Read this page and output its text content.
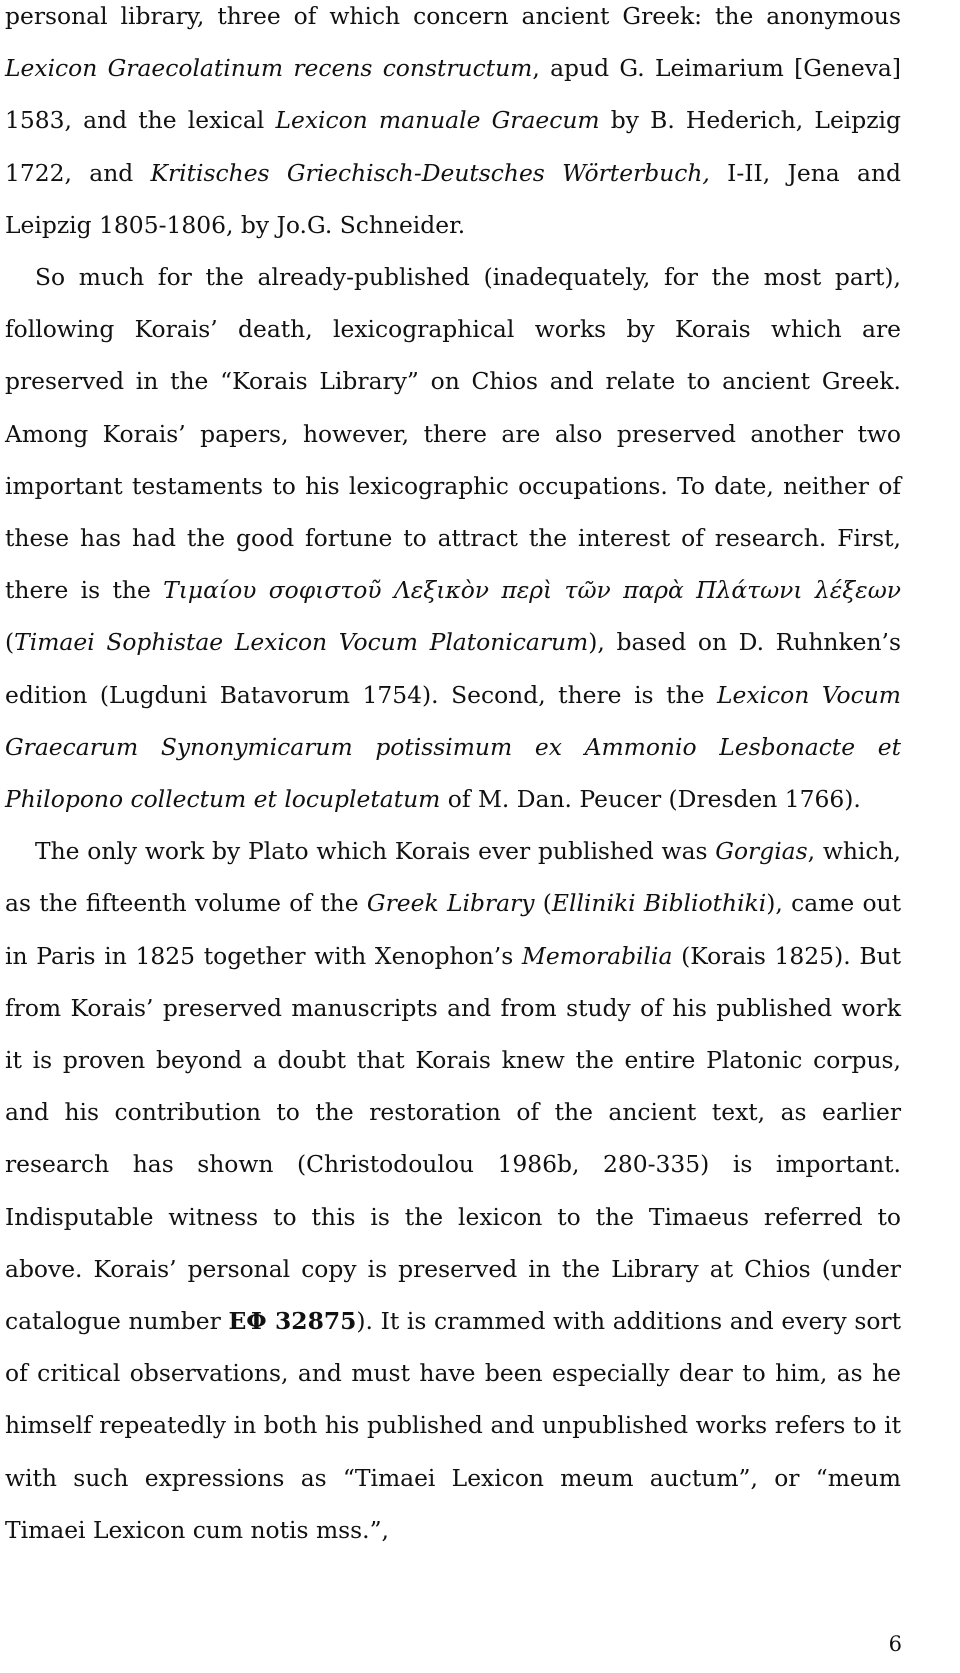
personal library, three of which concern ancient Greek: the anonymous Lexicon Graecolatinum recens constructum, apud G. Leimarium [Geneva] 1583, and the lexical Lexicon manuale Graecum by B. Hederich, Leipzig 1722, and Kritisches Griechisch-Deutsches Wörterbuch, I-II, Jena and Leipzig 1805-1806, by Jo.G. Schneider.

So much for the already-published (inadequately, for the most part), following Korais’ death, lexicographical works by Korais which are preserved in the “Korais Library” on Chios and relate to ancient Greek. Among Korais’ papers, however, there are also preserved another two important testaments to his lexicographic occupations. To date, neither of these has had the good fortune to attract the interest of research. First, there is the Τιμαίου σοφιστοῦ Λεξικὸν περὶ τῶν παρὰ Πλάτωνι λέξεων (Timaei Sophistae Lexicon Vocum Platonicarum), based on D. Ruhnken’s edition (Lugduni Batavorum 1754). Second, there is the Lexicon Vocum Graecarum Synonymicarum potissimum ex Ammonio Lesbonacte et Philopono collectum et locupletatum of M. Dan. Peucer (Dresden 1766).

The only work by Plato which Korais ever published was Gorgias, which, as the fifteenth volume of the Greek Library (Elliniki Bibliothiki), came out in Paris in 1825 together with Xenophon’s Memorabilia (Korais 1825). But from Korais’ preserved manuscripts and from study of his published work it is proven beyond a doubt that Korais knew the entire Platonic corpus, and his contribution to the restoration of the ancient text, as earlier research has shown (Christodoulou 1986b, 280-335) is important. Indisputable witness to this is the lexicon to the Timaeus referred to above. Korais’ personal copy is preserved in the Library at Chios (under catalogue number ΕΦ 32875). It is crammed with additions and every sort of critical observations, and must have been especially dear to him, as he himself repeatedly in both his published and unpublished works refers to it with such expressions as “Timaei Lexicon meum auctum”, or “meum Timaei Lexicon cum notis mss.”,

6
